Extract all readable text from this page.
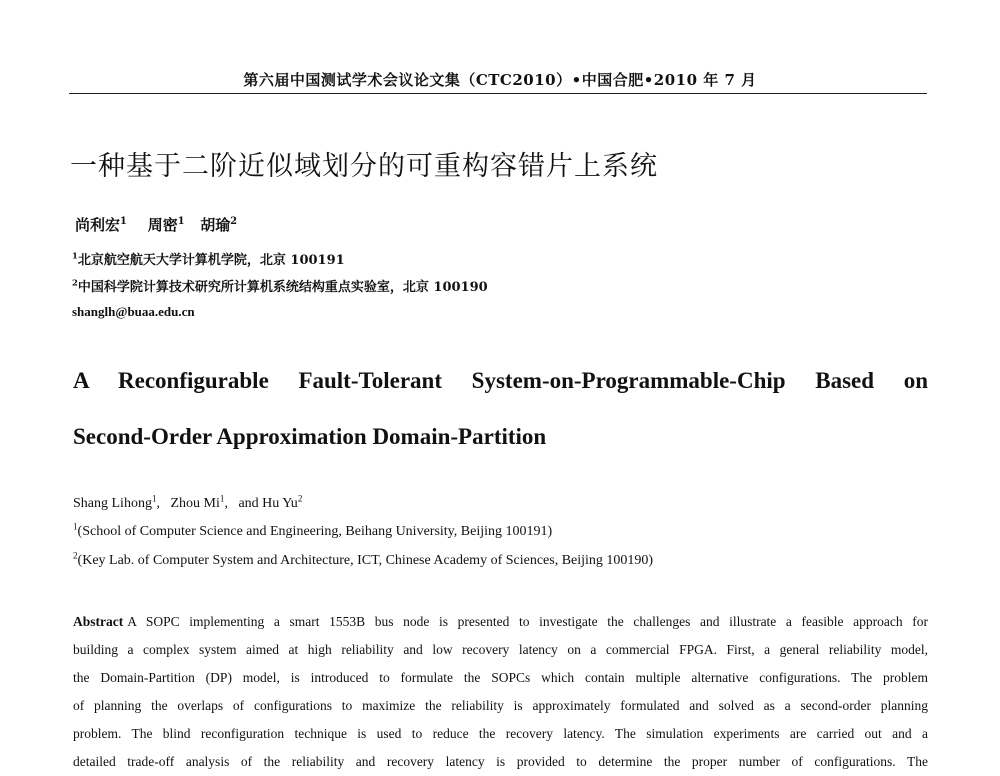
第六届中国测试学术会议论文集（CTC2010）•中国合肥•2010 年 7 月
一种基于二阶近似域划分的可重构容错片上系统
尚利宏$^1$ 周密$^1$ 胡瑜$^2$
$^1$北京航空航天大学计算机学院，北京 100191
$^2$中国科学院计算技术研究所计算机系统结构重点实验室，北京 100190
shanglh@buaa.edu.cn
A Reconfigurable Fault-Tolerant System-on-Programmable-Chip Based on
Second-Order Approximation Domain-Partition
Shang Lihong$^1$,   Zhou Mi$^1$,   and Hu Yu$^2$
$^1$(School of Computer Science and Engineering, Beihang University, Beijing 100191)
$^2$(Key Lab. of Computer System and Architecture, ICT, Chinese Academy of Sciences, Beijing 100190)
Abstract A SOPC implementing a smart 1553B bus node is presented to investigate the challenges and illustrate a feasible approach for
building a complex system aimed at high reliability and low recovery latency on a commercial FPGA. First, a general reliability model,
the Domain-Partition (DP) model, is introduced to formulate the SOPCs which contain multiple alternative configurations. The problem
of planning the overlaps of configurations to maximize the reliability is approximately formulated and solved as a second-order planning
problem. The blind reconfiguration technique is used to reduce the recovery latency. The simulation experiments are carried out and a
detailed trade-off analysis of the reliability and recovery latency is provided to determine the proper number of configurations. The
